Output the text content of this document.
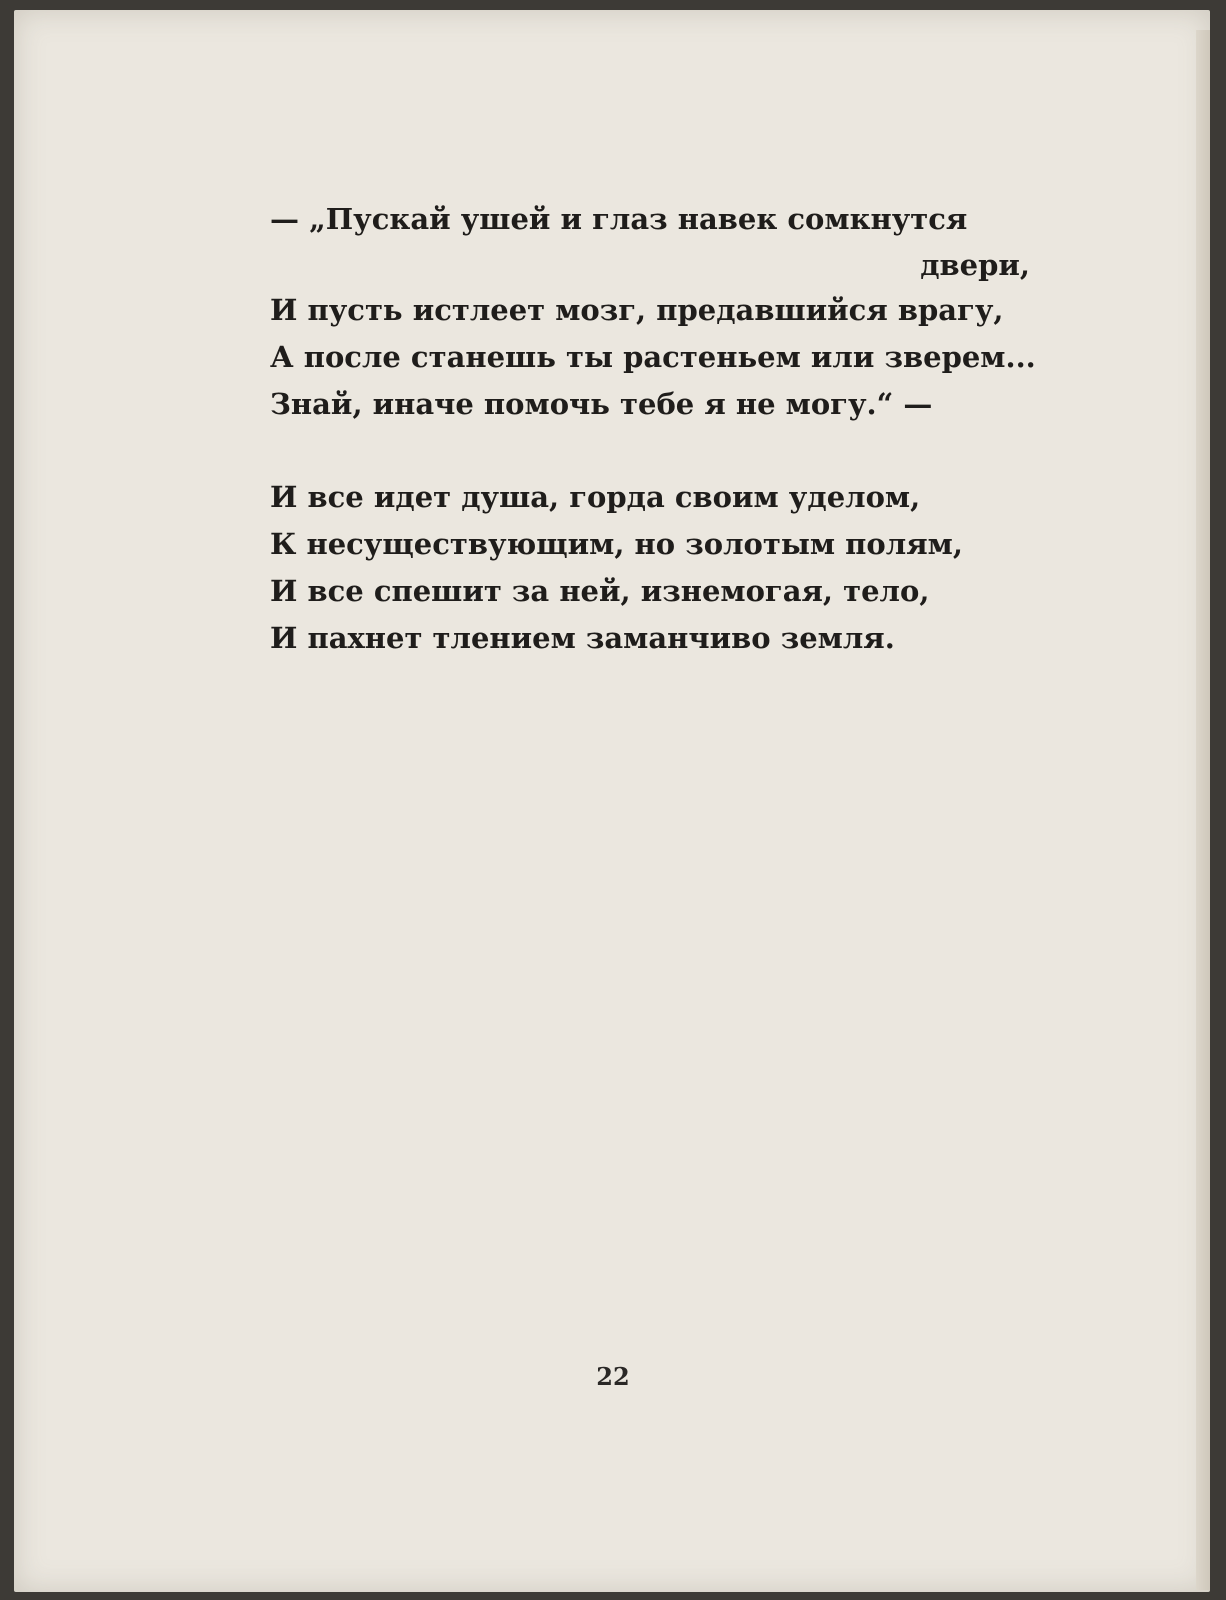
— „Пускай ушей и глаз навек сомкнутся
двери,
И пусть истлеет мозг, предавшийся врагу,
А после станешь ты растеньем или зверем...
Знай, иначе помочь тебе я не могу.“ —
И все идет душа, горда своим уделом,
К несуществующим, но золотым полям,
И все спешит за ней, изнемогая, тело,
И пахнет тлением заманчиво земля.
22
